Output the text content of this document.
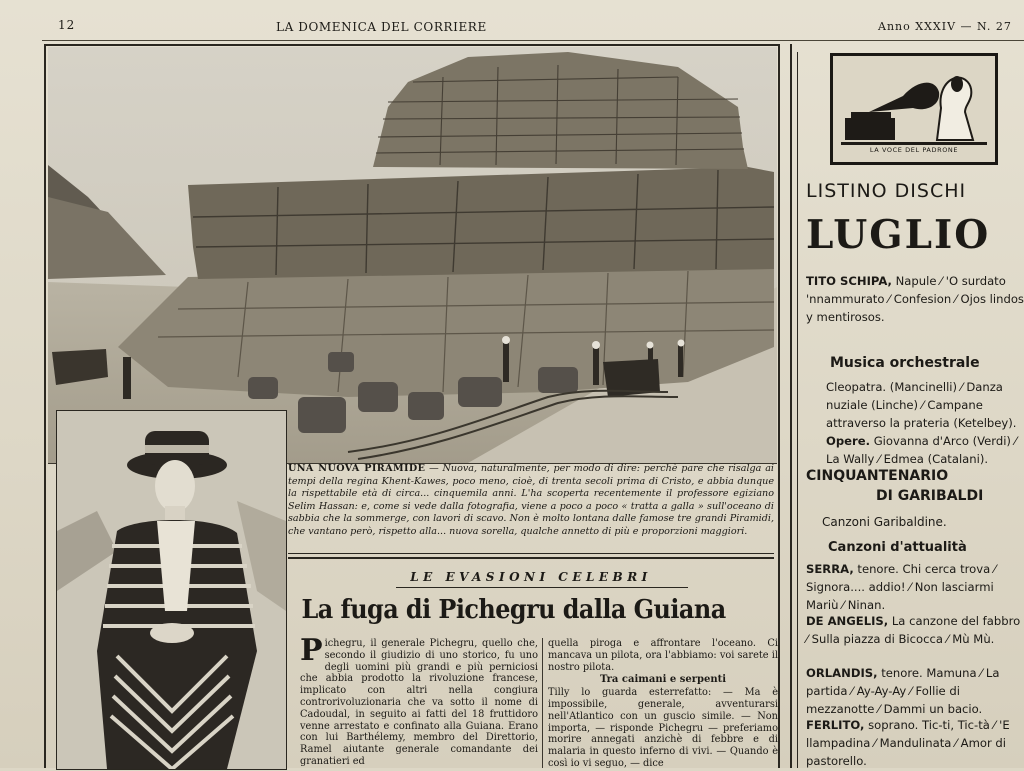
12	LA DOMENICA DEL CORRIERE	Anno XXXIV — N. 27
UNA NUOVA PIRAMIDE — Nuova, naturalmente, per modo di dire: perchè pare che risalga ai tempi della regina Khent-Kawes, poco meno, cioè, di trenta secoli prima di Cristo, e abbia dunque la rispettabile età di circa... cinquemila anni. L'ha scoperta recentemente il professore egiziano Selim Hassan: e, come si vede dalla fotografia, viene a poco a poco « tratta a galla » sull'oceano di sabbia che la sommerge, con lavori di scavo. Non è molto lontana dalle famose tre grandi Piramidi, che vantano però, rispetto alla... nuova sorella, qualche annetto di più e proporzioni maggiori.
LE EVASIONI CELEBRI
La fuga di Pichegru dalla Guiana

Pichegru, il generale Pichegru, quello che, secondo il giudizio di uno storico, fu uno degli uomini più grandi e più perniciosi che abbia prodotto la rivoluzione francese, implicato con altri nella congiura controrivoluzionaria che va sotto il nome di Cadoudal, in seguito ai fatti del 18 fruttidoro venne arrestato e confinato alla Guiana. Erano con lui Barthélemy, membro del Direttorio, Ramel aiutante generale comandante dei granatieri ed

quella piroga e affrontare l'oceano. Ci mancava un pilota, ora l'abbiamo: voi sarete il nostro pilota.

Tra caimani e serpenti

Tilly lo guarda esterrefatto: — Ma è impossibile, generale, avventurarsi nell'Atlantico con un guscio simile. — Non importa, — risponde Pichegru — preferiamo morire annegati anzichè di febbre e di malaria in questo inferno di vivi. — Quando è così io vi seguo, — dice

LA VOCE DEL PADRONE
LISTINO DISCHI
LUGLIO
TITO SCHIPA, Napule ⁄ 'O surdato 'nnammurato ⁄ Confesion ⁄ Ojos lindos y mentirosos.
Musica orchestrale
Cleopatra. (Mancinelli) ⁄ Danza nuziale (Linche) ⁄ Campane attraverso la prateria (Ketelbey).
Opere. Giovanna d'Arco (Verdi) ⁄ La Wally ⁄ Edmea (Catalani).
CINQUANTENARIO
DI GARIBALDI
Canzoni Garibaldine.
Canzoni d'attualità
SERRA, tenore. Chi cerca trova ⁄ Signora.... addio! ⁄ Non lasciarmi Mariù ⁄ Ninan.
DE ANGELIS, La canzone del fabbro ⁄ Sulla piazza di Bicocca ⁄ Mù Mù.
ORLANDIS, tenore. Mamuna ⁄ La partida ⁄ Ay-Ay-Ay ⁄ Follie di mezzanotte ⁄ Dammi un bacio.
FERLITO, soprano. Tic-ti, Tic-tà ⁄ 'E llampadina ⁄ Mandulinata ⁄ Amor di pastorello.
